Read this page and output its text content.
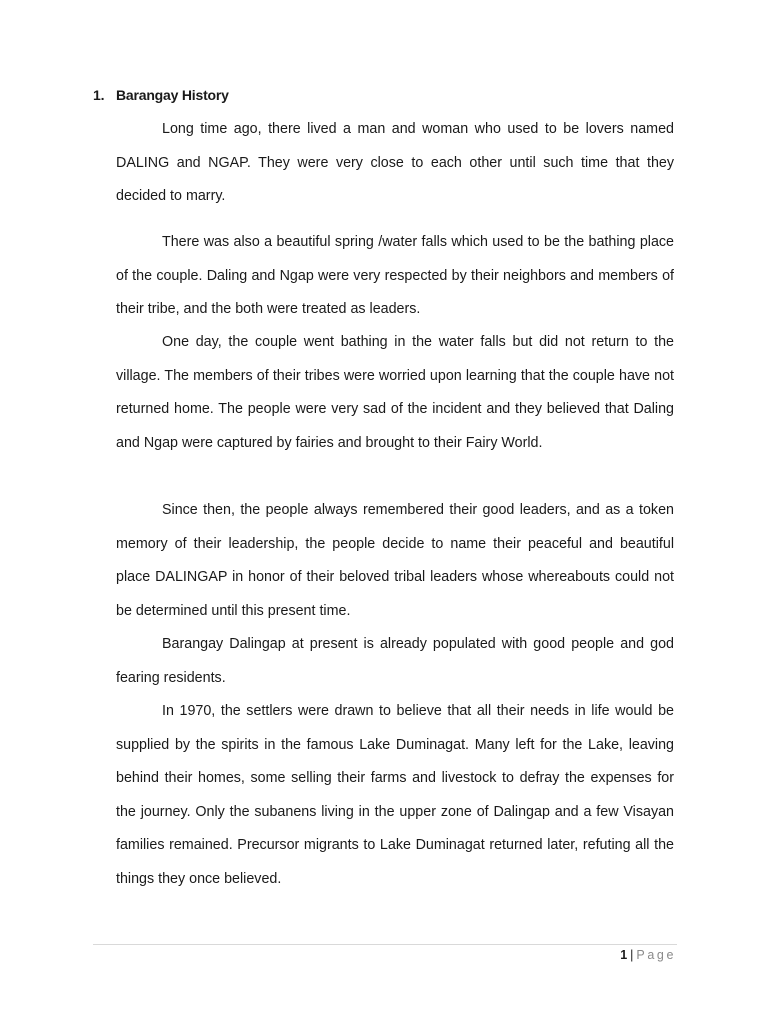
1. Barangay History

Long time ago, there lived a man and woman who used to be lovers named DALING and NGAP. They were very close to each other until such time that they decided to marry.

There was also a beautiful spring /water falls which used to be the bathing place of the couple. Daling and Ngap were very respected by their neighbors and members of their tribe, and the both were treated as leaders.

One day, the couple went bathing in the water falls but did not return to the village. The members of their tribes were worried upon learning that the couple have not returned home. The people were very sad of the incident and they believed that Daling and Ngap were captured by fairies and brought to their Fairy World.

Since then, the people always remembered their good leaders, and as a token memory of their leadership, the people decide to name their peaceful and beautiful place DALINGAP in honor of their beloved tribal leaders whose whereabouts could not be determined until this present time.

Barangay Dalingap at present is already populated with good people and god fearing residents.

In 1970, the settlers were drawn to believe that all their needs in life would be supplied by the spirits in the famous Lake Duminagat. Many left for the Lake, leaving behind their homes, some selling their farms and livestock to defray the expenses for the journey. Only the subanens living in the upper zone of Dalingap and a few Visayan families remained. Precursor migrants to Lake Duminagat returned later, refuting all the things they once believed.

1 | Page
